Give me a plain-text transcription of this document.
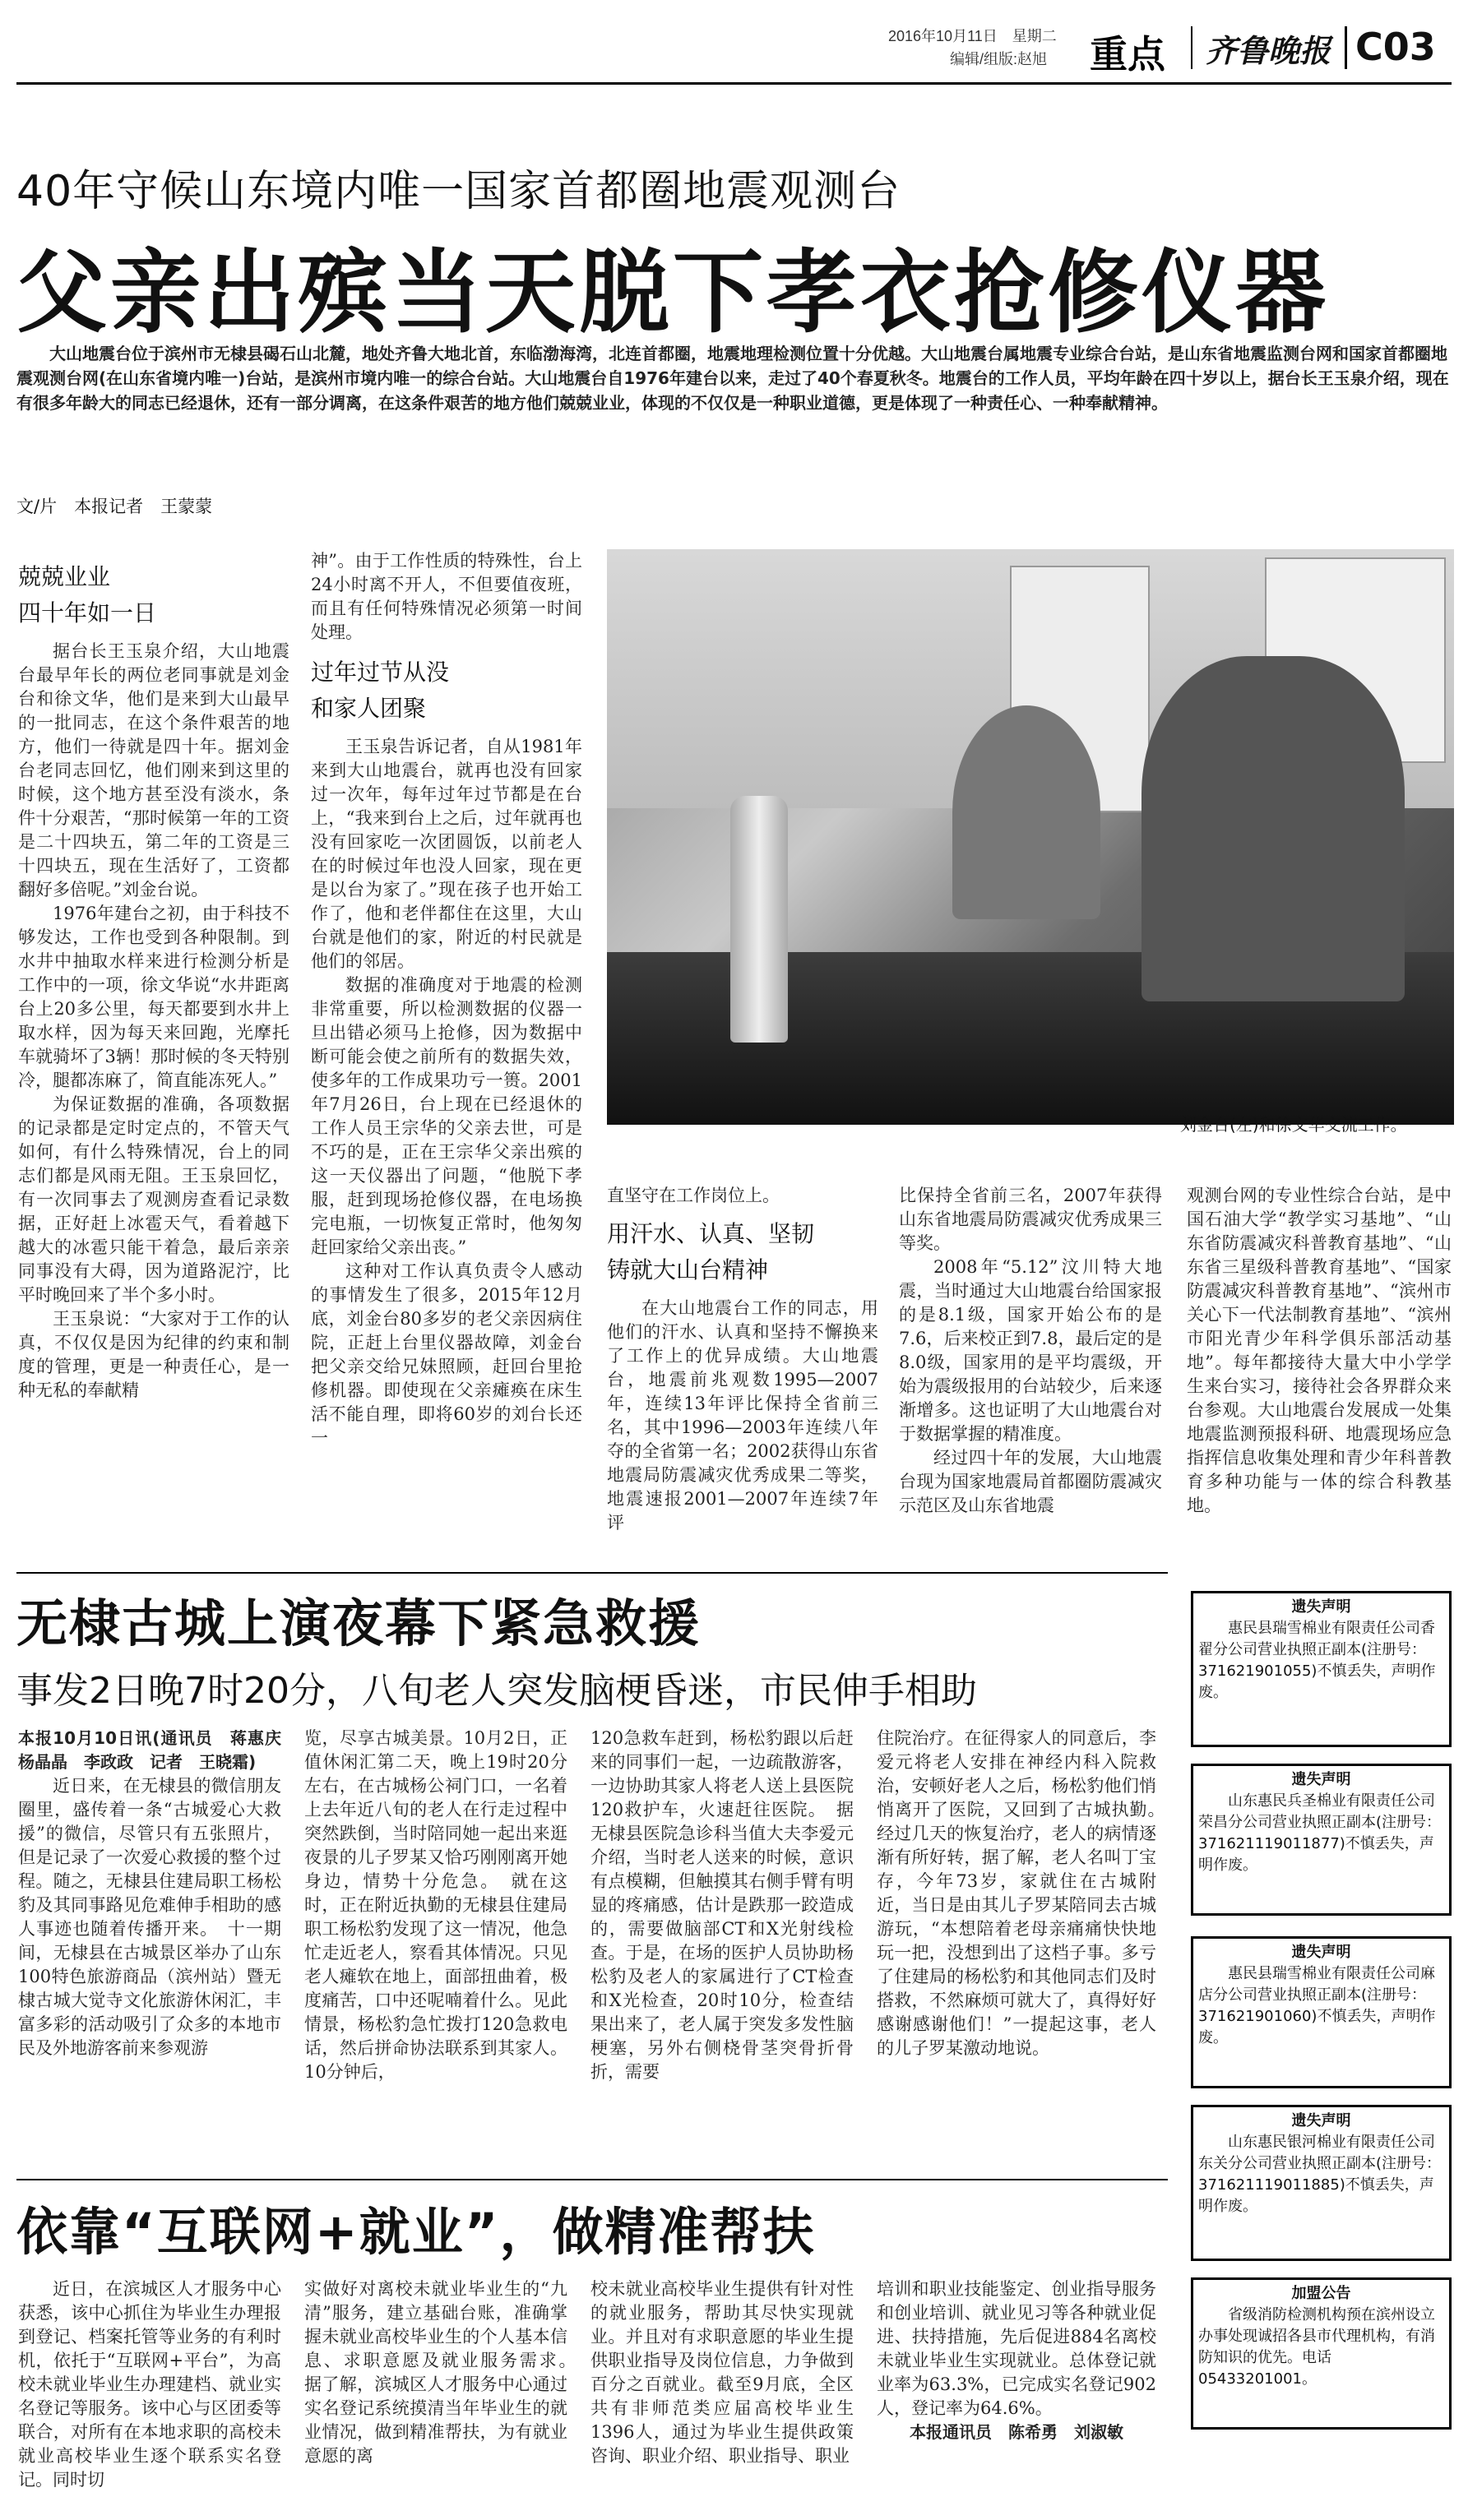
2016年10月11日　星期二
编辑/组版:赵旭 重点 齐鲁晚报 C03
40年守候山东境内唯一国家首都圈地震观测台
父亲出殡当天脱下孝衣抢修仪器
大山地震台位于滨州市无棣县碣石山北麓，地处齐鲁大地北首，东临渤海湾，北连首都圈，地震地理检测位置十分优越。大山地震台属地震专业综合台站，是山东省地震监测台网和国家首都圈地震观测台网(在山东省境内唯一)台站，是滨州市境内唯一的综合台站。大山地震台自1976年建台以来，走过了40个春夏秋冬。地震台的工作人员，平均年龄在四十岁以上，据台长王玉泉介绍，现在有很多年龄大的同志已经退休，还有一部分调离，在这条件艰苦的地方他们兢兢业业，体现的不仅仅是一种职业道德，更是体现了一种责任心、一种奉献精神。
文/片　本报记者　王蒙蒙
兢兢业业
四十年如一日

据台长王玉泉介绍，大山地震台最早年长的两位老同事就是刘金台和徐文华，他们是来到大山最早的一批同志，在这个条件艰苦的地方，他们一待就是四十年。据刘金台老同志回忆，他们刚来到这里的时候，这个地方甚至没有淡水，条件十分艰苦，“那时候第一年的工资是二十四块五，第二年的工资是三十四块五，现在生活好了，工资都翻好多倍呢。”刘金台说。

1976年建台之初，由于科技不够发达，工作也受到各种限制。到水井中抽取水样来进行检测分析是工作中的一项，徐文华说“水井距离台上20多公里，每天都要到水井上取水样，因为每天来回跑，光摩托车就骑坏了3辆！那时候的冬天特别冷，腿都冻麻了，简直能冻死人。”

为保证数据的准确，各项数据的记录都是定时定点的，不管天气如何，有什么特殊情况，台上的同志们都是风雨无阻。王玉泉回忆，有一次同事去了观测房查看记录数据，正好赶上冰雹天气，看着越下越大的冰雹只能干着急，最后亲亲同事没有大碍，因为道路泥泞，比平时晚回来了半个多小时。

王玉泉说：“大家对于工作的认真，不仅仅是因为纪律的约束和制度的管理，更是一种责任心，是一种无私的奉献精

神”。由于工作性质的特殊性，台上24小时离不开人，不但要值夜班，而且有任何特殊情况必须第一时间处理。

过年过节从没
和家人团聚

王玉泉告诉记者，自从1981年来到大山地震台，就再也没有回家过一次年，每年过年过节都是在台上，“我来到台上之后，过年就再也没有回家吃一次团圆饭，以前老人在的时候过年也没人回家，现在更是以台为家了。”现在孩子也开始工作了，他和老伴都住在这里，大山台就是他们的家，附近的村民就是他们的邻居。

数据的准确度对于地震的检测非常重要，所以检测数据的仪器一旦出错必须马上抢修，因为数据中断可能会使之前所有的数据失效，使多年的工作成果功亏一篑。2001年7月26日，台上现在已经退休的工作人员王宗华的父亲去世，可是不巧的是，正在王宗华父亲出殡的这一天仪器出了问题，“他脱下孝服，赶到现场抢修仪器，在电场换完电瓶，一切恢复正常时，他匆匆赶回家给父亲出丧。”

这种对工作认真负责令人感动的事情发生了很多，2015年12月底，刘金台80多岁的老父亲因病住院，正赶上台里仪器故障，刘金台把父亲交给兄妹照顾，赶回台里抢修机器。即使现在父亲瘫痪在床生活不能自理，即将60岁的刘台长还一

刘金台(左)和徐文华交流工作。

直坚守在工作岗位上。

用汗水、认真、坚韧
铸就大山台精神

在大山地震台工作的同志，用他们的汗水、认真和坚持不懈换来了工作上的优异成绩。大山地震台，地震前兆观数1995—2007年，连续13年评比保持全省前三名，其中1996—2003年连续八年夺的全省第一名；2002获得山东省地震局防震减灾优秀成果二等奖，地震速报2001—2007年连续7年评

比保持全省前三名，2007年获得山东省地震局防震减灾优秀成果三等奖。

2008年“5.12”汶川特大地震，当时通过大山地震台给国家报的是8.1级，国家开始公布的是7.6，后来校正到7.8，最后定的是8.0级，国家用的是平均震级，开始为震级报用的台站较少，后来逐渐增多。这也证明了大山地震台对于数据掌握的精准度。

经过四十年的发展，大山地震台现为国家地震局首都圈防震减灾示范区及山东省地震

观测台网的专业性综合台站，是中国石油大学“教学实习基地”、“山东省防震减灾科普教育基地”、“山东省三星级科普教育基地”、“国家防震减灾科普教育基地”、“滨州市关心下一代法制教育基地”、“滨州市阳光青少年科学俱乐部活动基地”。每年都接待大量大中小学学生来台实习，接待社会各界群众来台参观。大山地震台发展成一处集地震监测预报科研、地震现场应急指挥信息收集处理和青少年科普教育多种功能与一体的综合科教基地。

无棣古城上演夜幕下紧急救援
事发2日晚7时20分，八旬老人突发脑梗昏迷，市民伸手相助
本报10月10日讯(通讯员　蒋惠庆　杨晶晶　李政政　记者　王晓霜)

近日来，在无棣县的微信朋友圈里，盛传着一条“古城爱心大救援”的微信，尽管只有五张照片，但是记录了一次爱心救援的整个过程。随之，无棣县住建局职工杨松豹及其同事路见危难伸手相助的感人事迹也随着传播开来。　十一期间，无棣县在古城景区举办了山东100特色旅游商品（滨州站）暨无棣古城大觉寺文化旅游休闲汇，丰富多彩的活动吸引了众多的本地市民及外地游客前来参观游

览，尽享古城美景。10月2日，正值休闲汇第二天，晚上19时20分左右，在古城杨公祠门口，一名着上去年近八旬的老人在行走过程中突然跌倒，当时陪同她一起出来逛夜景的儿子罗某又恰巧刚刚离开她身边，情势十分危急。　就在这时，正在附近执勤的无棣县住建局职工杨松豹发现了这一情况，他急忙走近老人，察看其体情况。只见老人瘫软在地上，面部扭曲着，极度痛苦，口中还呢喃着什么。见此情景，杨松豹急忙拨打120急救电话，然后拼命协法联系到其家人。10分钟后，

120急救车赶到，杨松豹跟以后赶来的同事们一起，一边疏散游客，一边协助其家人将老人送上县医院120救护车，火速赶往医院。　据无棣县医院急诊科当值大夫李爱元介绍，当时老人送来的时候，意识有点模糊，但触摸其右侧手臂有明显的疼痛感，估计是跌那一跤造成的，需要做脑部CT和X光射线检查。于是，在场的医护人员协助杨松豹及老人的家属进行了CT检查和X光检查，20时10分，检查结果出来了，老人属于突发多发性脑梗塞，另外右侧桡骨茎突骨折骨折，需要

住院治疗。在征得家人的同意后，李爱元将老人安排在神经内科入院救治，安顿好老人之后，杨松豹他们悄悄离开了医院，又回到了古城执勤。　经过几天的恢复治疗，老人的病情逐渐有所好转，据了解，老人名叫丁宝存，今年73岁，家就住在古城附近，当日是由其儿子罗某陪同去古城游玩，“本想陪着老母亲痛痛快快地玩一把，没想到出了这档子事。多亏了住建局的杨松豹和其他同志们及时搭救，不然麻烦可就大了，真得好好感谢感谢他们！”一提起这事，老人的儿子罗某激动地说。

依靠“互联网+就业”，做精准帮扶

近日，在滨城区人才服务中心获悉，该中心抓住为毕业生办理报到登记、档案托管等业务的有利时机，依托于“互联网+平台”，为高校未就业毕业生办理建档、就业实名登记等服务。该中心与区团委等联合，对所有在本地求职的高校未就业高校毕业生逐个联系实名登记。同时切

实做好对离校未就业毕业生的“九清”服务，建立基础台账，准确掌握未就业高校毕业生的个人基本信息、求职意愿及就业服务需求。　据了解，滨城区人才服务中心通过实名登记系统摸清当年毕业生的就业情况，做到精准帮扶，为有就业意愿的离

校未就业高校毕业生提供有针对性的就业服务，帮助其尽快实现就业。并且对有求职意愿的毕业生提供职业指导及岗位信息，力争做到百分之百就业。截至9月底，全区共有非师范类应届高校毕业生1396人，通过为毕业生提供政策咨询、职业介绍、职业指导、职业

培训和职业技能鉴定、创业指导服务和创业培训、就业见习等各种就业促进、扶持措施，先后促进884名离校未就业毕业生实现就业。总体登记就业率为63.3%，已完成实名登记902人，登记率为64.6%。

本报通讯员　陈希勇　刘淑敏
遗失声明
惠民县瑞雪棉业有限责任公司香翟分公司营业执照正副本(注册号：371621901055)不慎丢失，声明作废。
遗失声明
山东惠民兵圣棉业有限责任公司荣昌分公司营业执照正副本(注册号：371621119011877)不慎丢失，声明作废。
遗失声明
惠民县瑞雪棉业有限责任公司麻店分公司营业执照正副本(注册号：371621901060)不慎丢失，声明作废。
遗失声明
山东惠民银河棉业有限责任公司东关分公司营业执照正副本(注册号：371621119011885)不慎丢失，声明作废。
加盟公告
省级消防检测机构预在滨州设立办事处现诚招各县市代理机构，有消防知识的优先。电话05433201001。
